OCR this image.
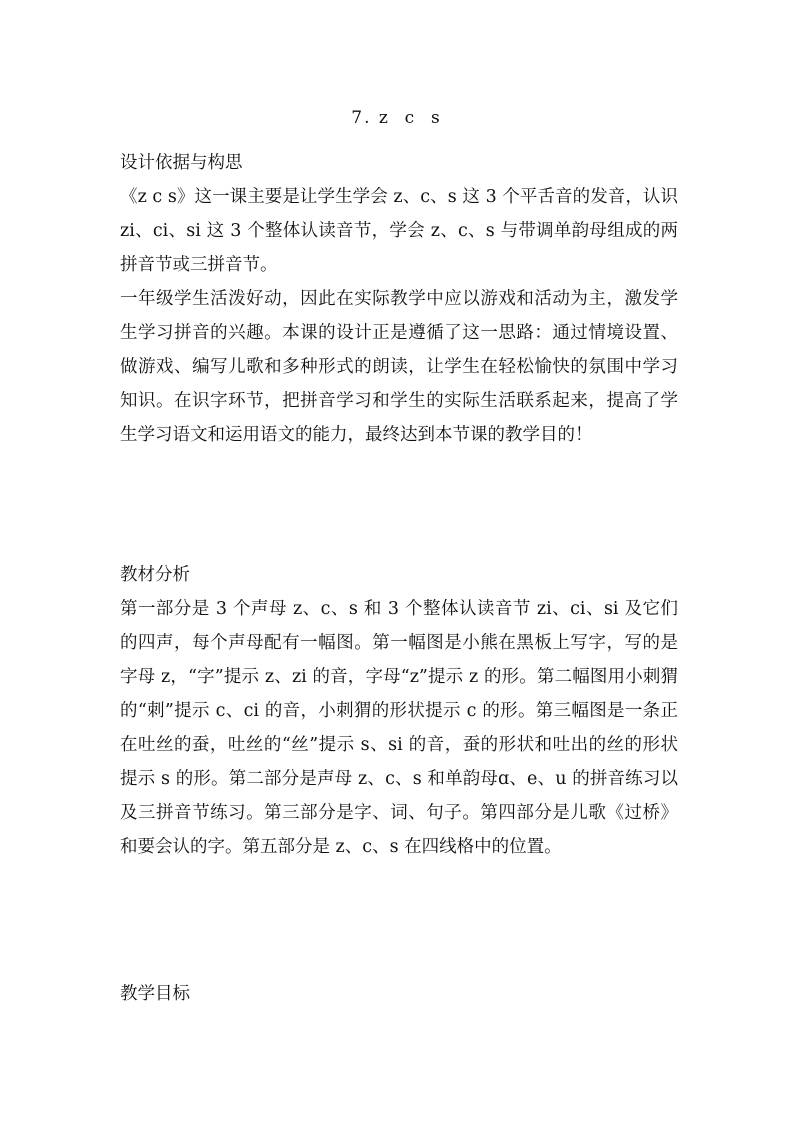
7. z  c  s

设计依据与构思

《z c s》这一课主要是让学生学会 z、c、s 这 3 个平舌音的发音，认识 zi、ci、si 这 3 个整体认读音节，学会 z、c、s 与带调单韵母组成的两拼音节或三拼音节。

一年级学生活泼好动，因此在实际教学中应以游戏和活动为主，激发学生学习拼音的兴趣。本课的设计正是遵循了这一思路：通过情境设置、做游戏、编写儿歌和多种形式的朗读，让学生在轻松愉快的氛围中学习知识。在识字环节，把拼音学习和学生的实际生活联系起来，提高了学生学习语文和运用语文的能力，最终达到本节课的教学目的！

教材分析

第一部分是 3 个声母 z、c、s 和 3 个整体认读音节 zi、ci、si 及它们的四声，每个声母配有一幅图。第一幅图是小熊在黑板上写字，写的是字母 z，“字”提示 z、zi 的音，字母“z”提示 z 的形。第二幅图用小刺猬的“刺”提示 c、ci 的音，小刺猬的形状提示 c 的形。第三幅图是一条正在吐丝的蚕，吐丝的“丝”提示 s、si 的音，蚕的形状和吐出的丝的形状提示 s 的形。第二部分是声母 z、c、s 和单韵母ɑ、e、u 的拼音练习以及三拼音节练习。第三部分是字、词、句子。第四部分是儿歌《过桥》和要会认的字。第五部分是 z、c、s 在四线格中的位置。

教学目标
